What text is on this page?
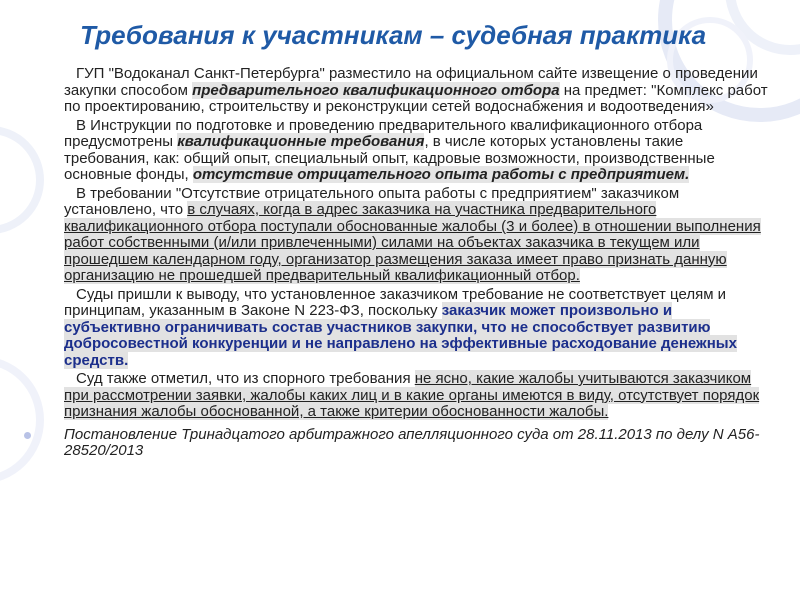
Требования к участникам – судебная практика

ГУП "Водоканал Санкт-Петербурга" разместило на официальном сайте извещение о проведении закупки способом предварительного квалификационного отбора на предмет: "Комплекс работ по проектированию, строительству и реконструкции сетей водоснабжения и водоотведения»

В Инструкции по подготовке и проведению предварительного квалификационного отбора предусмотрены квалификационные требования, в числе которых установлены такие требования, как: общий опыт, специальный опыт, кадровые возможности, производственные основные фонды, отсутствие отрицательного опыта работы с предприятием.

В требовании "Отсутствие отрицательного опыта работы с предприятием" заказчиком установлено, что в случаях, когда в адрес заказчика на участника предварительного квалификационного отбора поступали обоснованные жалобы (3 и более) в отношении выполнения работ собственными (и/или привлеченными) силами на объектах заказчика в текущем или прошедшем календарном году, организатор размещения заказа имеет право признать данную организацию не прошедшей предварительный квалификационный отбор.

Суды пришли к выводу, что установленное заказчиком требование не соответствует целям и принципам, указанным в Законе N 223-ФЗ, поскольку заказчик может произвольно и субъективно ограничивать состав участников закупки, что не способствует развитию добросовестной конкуренции и не направлено на эффективные расходование денежных средств.

Суд также отметил, что из спорного требования не ясно, какие жалобы учитываются заказчиком при рассмотрении заявки, жалобы каких лиц и в какие органы имеются в виду, отсутствует порядок признания жалобы обоснованной, а также критерии обоснованности жалобы.

Постановление Тринадцатого арбитражного апелляционного суда от 28.11.2013 по делу N А56-28520/2013
